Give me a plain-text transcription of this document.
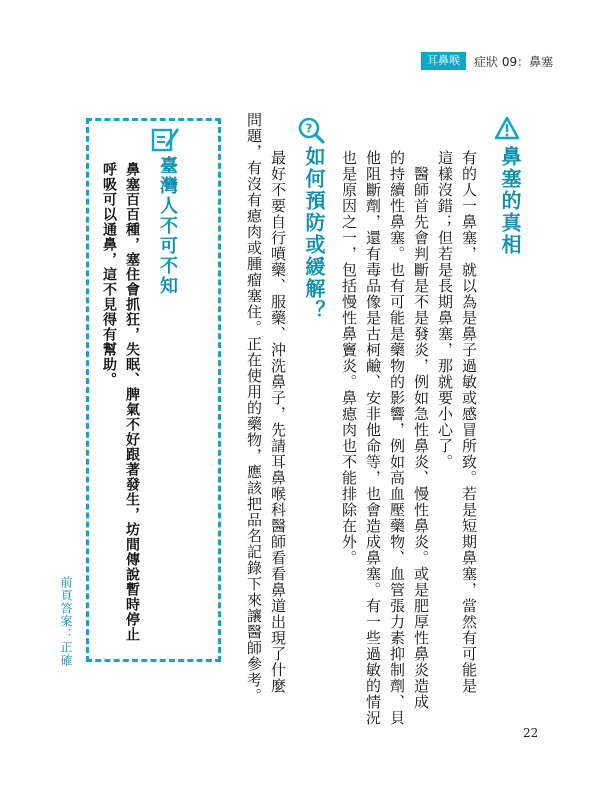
耳鼻喉	症狀 09：鼻塞
鼻塞的真相
有的人一鼻塞，就以為是鼻子過敏或感冒所致。若是短期鼻塞，當然有可能是
這樣沒錯；但若是長期鼻塞，那就要小心了。
醫師首先會判斷是不是發炎，例如急性鼻炎、慢性鼻炎。或是肥厚性鼻炎造成
的持續性鼻塞。也有可能是藥物的影響，例如高血壓藥物、血管張力素抑制劑、貝
他阻斷劑，還有毒品像是古柯鹼、安非他命等，也會造成鼻塞。有一些過敏的情況
也是原因之一，包括慢性鼻竇炎。鼻瘜肉也不能排除在外。
?
如何預防或緩解？
最好不要自行噴藥、服藥、沖洗鼻子，先請耳鼻喉科醫師看看鼻道出現了什麼
問題，有沒有瘜肉或腫瘤塞住。正在使用的藥物，應該把品名記錄下來讓醫師參考。
臺灣人不可不知
鼻塞百百種，塞住會抓狂，失眠、脾氣不好跟著發生，坊間傳說暫時停止
呼吸可以通鼻，這不見得有幫助。
前頁答案：正確
22
